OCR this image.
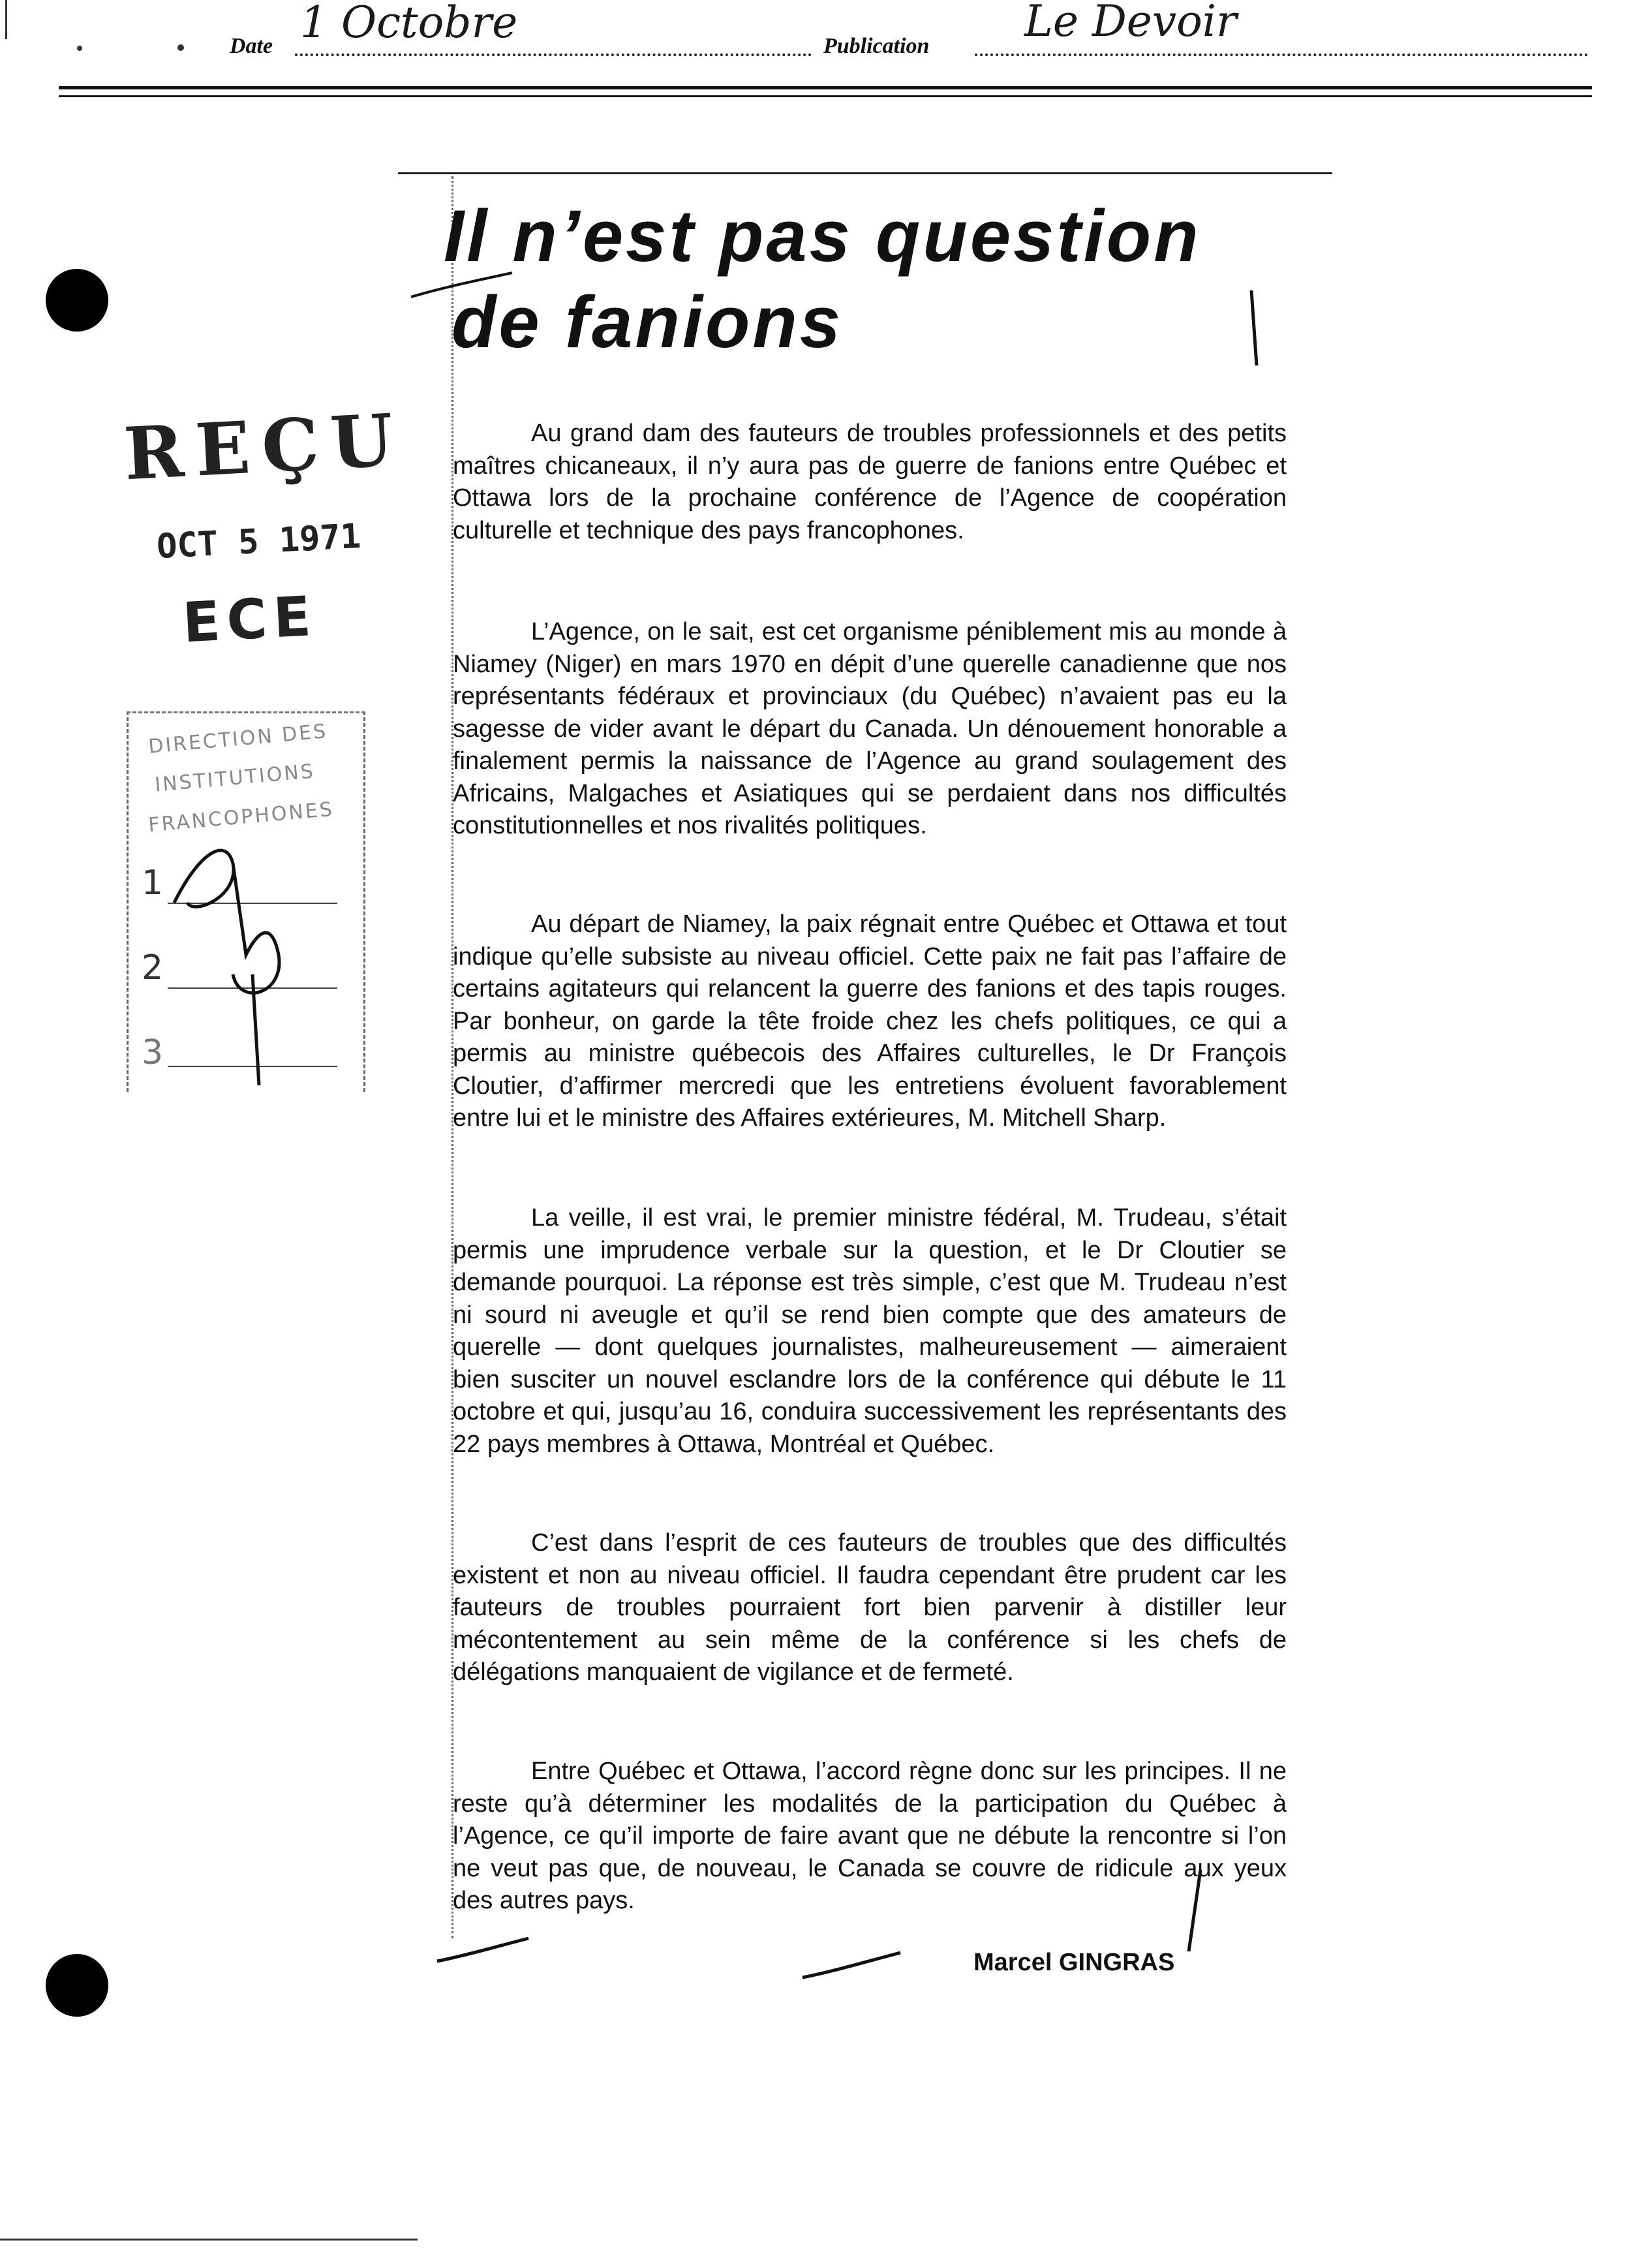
Date 1 Octobre	Publication Le Devoir
REÇU
OCT 5 1971
ECE
DIRECTION DES
INSTITUTIONS
FRANCOPHONES
1
2
3
Il n’est pas question
de fanions

Au grand dam des fauteurs de troubles professionnels et des petits maîtres chicaneaux, il n’y aura pas de guerre de fanions entre Québec et Ottawa lors de la prochaine conférence de l’Agence de coopération culturelle et technique des pays francophones.

L’Agence, on le sait, est cet organisme péniblement mis au monde à Niamey (Niger) en mars 1970 en dépit d’une querelle canadienne que nos représentants fédéraux et provinciaux (du Québec) n’avaient pas eu la sagesse de vider avant le départ du Canada. Un dénouement honorable a finalement permis la naissance de l’Agence au grand soulagement des Africains, Malgaches et Asiatiques qui se perdaient dans nos difficultés constitutionnelles et nos rivalités politiques.

Au départ de Niamey, la paix régnait entre Québec et Ottawa et tout indique qu’elle subsiste au niveau officiel. Cette paix ne fait pas l’affaire de certains agitateurs qui relancent la guerre des fanions et des tapis rouges. Par bonheur, on garde la tête froide chez les chefs politiques, ce qui a permis au ministre québecois des Affaires culturelles, le Dr François Cloutier, d’affirmer mercredi que les entretiens évoluent favorablement entre lui et le ministre des Affaires extérieures, M. Mitchell Sharp.

La veille, il est vrai, le premier ministre fédéral, M. Trudeau, s’était permis une imprudence verbale sur la question, et le Dr Cloutier se demande pourquoi. La réponse est très simple, c’est que M. Trudeau n’est ni sourd ni aveugle et qu’il se rend bien compte que des amateurs de querelle — dont quelques journalistes, malheureusement — aimeraient bien susciter un nouvel esclandre lors de la conférence qui débute le 11 octobre et qui, jusqu’au 16, conduira successivement les représentants des 22 pays membres à Ottawa, Montréal et Québec.

C’est dans l’esprit de ces fauteurs de troubles que des difficultés existent et non au niveau officiel. Il faudra cependant être prudent car les fauteurs de troubles pourraient fort bien parvenir à distiller leur mécontentement au sein même de la conférence si les chefs de délégations manquaient de vigilance et de fermeté.

Entre Québec et Ottawa, l’accord règne donc sur les principes. Il ne reste qu’à déterminer les modalités de la participation du Québec à l’Agence, ce qu’il importe de faire avant que ne débute la rencontre si l’on ne veut pas que, de nouveau, le Canada se couvre de ridicule aux yeux des autres pays.

Marcel GINGRAS
